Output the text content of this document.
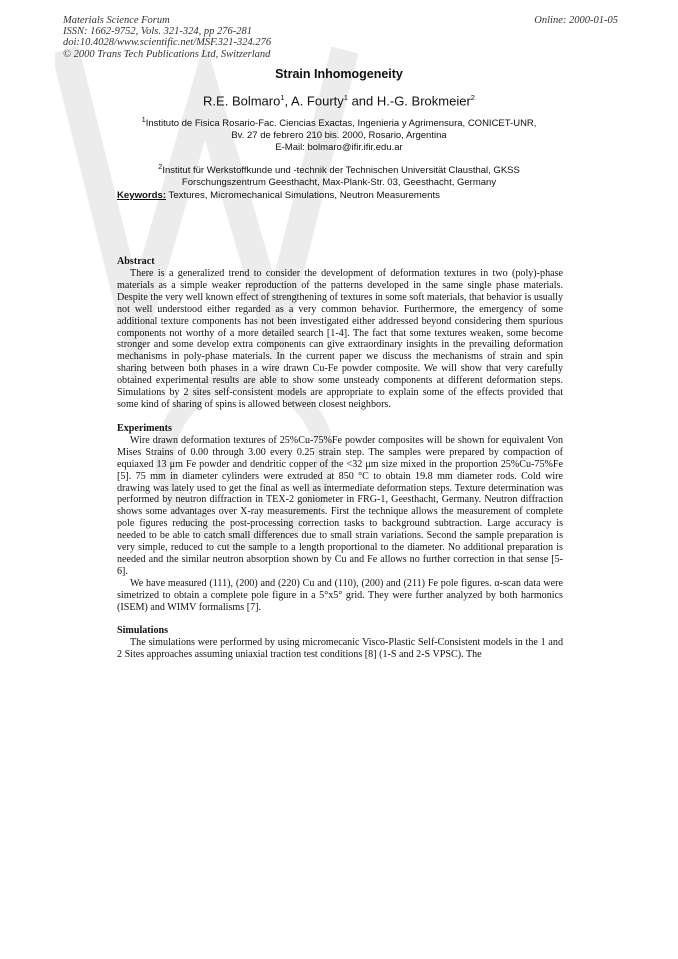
Materials Science Forum
ISSN: 1662-9752, Vols. 321-324, pp 276-281
doi:10.4028/www.scientific.net/MSF.321-324.276
© 2000 Trans Tech Publications Ltd, Switzerland
Online: 2000-01-05
Strain Inhomogeneity
R.E. Bolmaro$^1$, A. Fourty$^1$ and H.-G. Brokmeier$^2$
$^1$Instituto de Fisica Rosario-Fac. Ciencias Exactas, Ingenieria y Agrimensura, CONICET-UNR,
Bv. 27 de febrero 210 bis. 2000, Rosario, Argentina
E-Mail: bolmaro@ifir.ifir.edu.ar
$^2$Institut für Werkstoffkunde und -technik der Technischen Universität Clausthal, GKSS
Forschungszentrum Geesthacht, Max-Plank-Str. 03, Geesthacht, Germany
Keywords: Textures, Micromechanical Simulations, Neutron Measurements
Abstract

There is a generalized trend to consider the development of deformation textures in two (poly)-phase materials as a simple weaker reproduction of the patterns developed in the same single phase materials. Despite the very well known effect of strengthening of textures in some soft materials, that behavior is usually not well understood either regarded as a very common behavior. Furthermore, the emergency of some additional texture components has not been investigated either addressed beyond considering them spurious components not worthy of a more detailed search [1-4]. The fact that some textures weaken, some become stronger and some develop extra components can give extraordinary insights in the prevailing deformation mechanisms in poly-phase materials. In the current paper we discuss the mechanisms of strain and spin sharing between both phases in a wire drawn Cu-Fe powder composite. We will show that very carefully obtained experimental results are able to show some unsteady components at different deformation steps. Simulations by 2 sites self-consistent models are appropriate to explain some of the effects provided that some kind of sharing of spins is allowed between closest neighbors.

Experiments

Wire drawn deformation textures of 25%Cu-75%Fe powder composites will be shown for equivalent Von Mises Strains of 0.00 through 3.00 every 0.25 strain step. The samples were prepared by compaction of equiaxed 13 μm Fe powder and dendritic copper of the <32 μm size mixed in the proportion 25%Cu-75%Fe [5]. 75 mm in diameter cylinders were extruded at 850 °C to obtain 19.8 mm diameter rods. Cold wire drawing was lately used to get the final as well as intermediate deformation steps. Texture determination was performed by neutron diffraction in TEX-2 goniometer in FRG-1, Geesthacht, Germany. Neutron diffraction shows some advantages over X-ray measurements. First the technique allows the measurement of complete pole figures reducing the post-processing correction tasks to background subtraction. Large accuracy is needed to be able to catch small differences due to small strain variations. Second the sample preparation is very simple, reduced to cut the sample to a length proportional to the diameter. No additional preparation is needed and the similar neutron absorption shown by Cu and Fe allows no further correction in that sense [5-6].

We have measured (111), (200) and (220) Cu and (110), (200) and (211) Fe pole figures. α-scan data were simetrized to obtain a complete pole figure in a 5°x5° grid. They were further analyzed by both harmonics (ISEM) and WIMV formalisms [7].

Simulations

The simulations were performed by using micromecanic Visco-Plastic Self-Consistent models in the 1 and 2 Sites approaches assuming uniaxial traction test conditions [8] (1-S and 2-S VPSC). The
